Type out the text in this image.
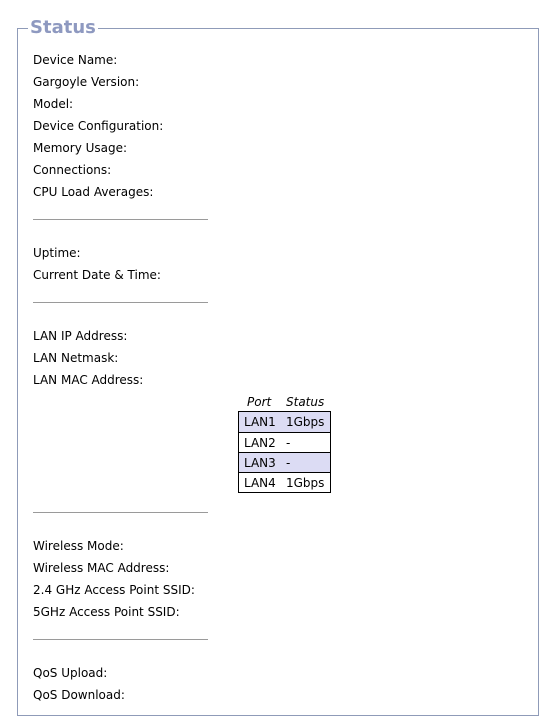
Status
Device Name:
Gargoyle Version:
Model:
Device Configuration:
Memory Usage:
Connections:
CPU Load Averages:
Uptime:
Current Date & Time:
LAN IP Address:
LAN Netmask:
LAN MAC Address:
Port Status
LAN1 1Gbps
LAN2 -
LAN3 -
LAN4 1Gbps
Wireless Mode:
Wireless MAC Address:
2.4 GHz Access Point SSID:
5GHz Access Point SSID:
QoS Upload:
QoS Download:
